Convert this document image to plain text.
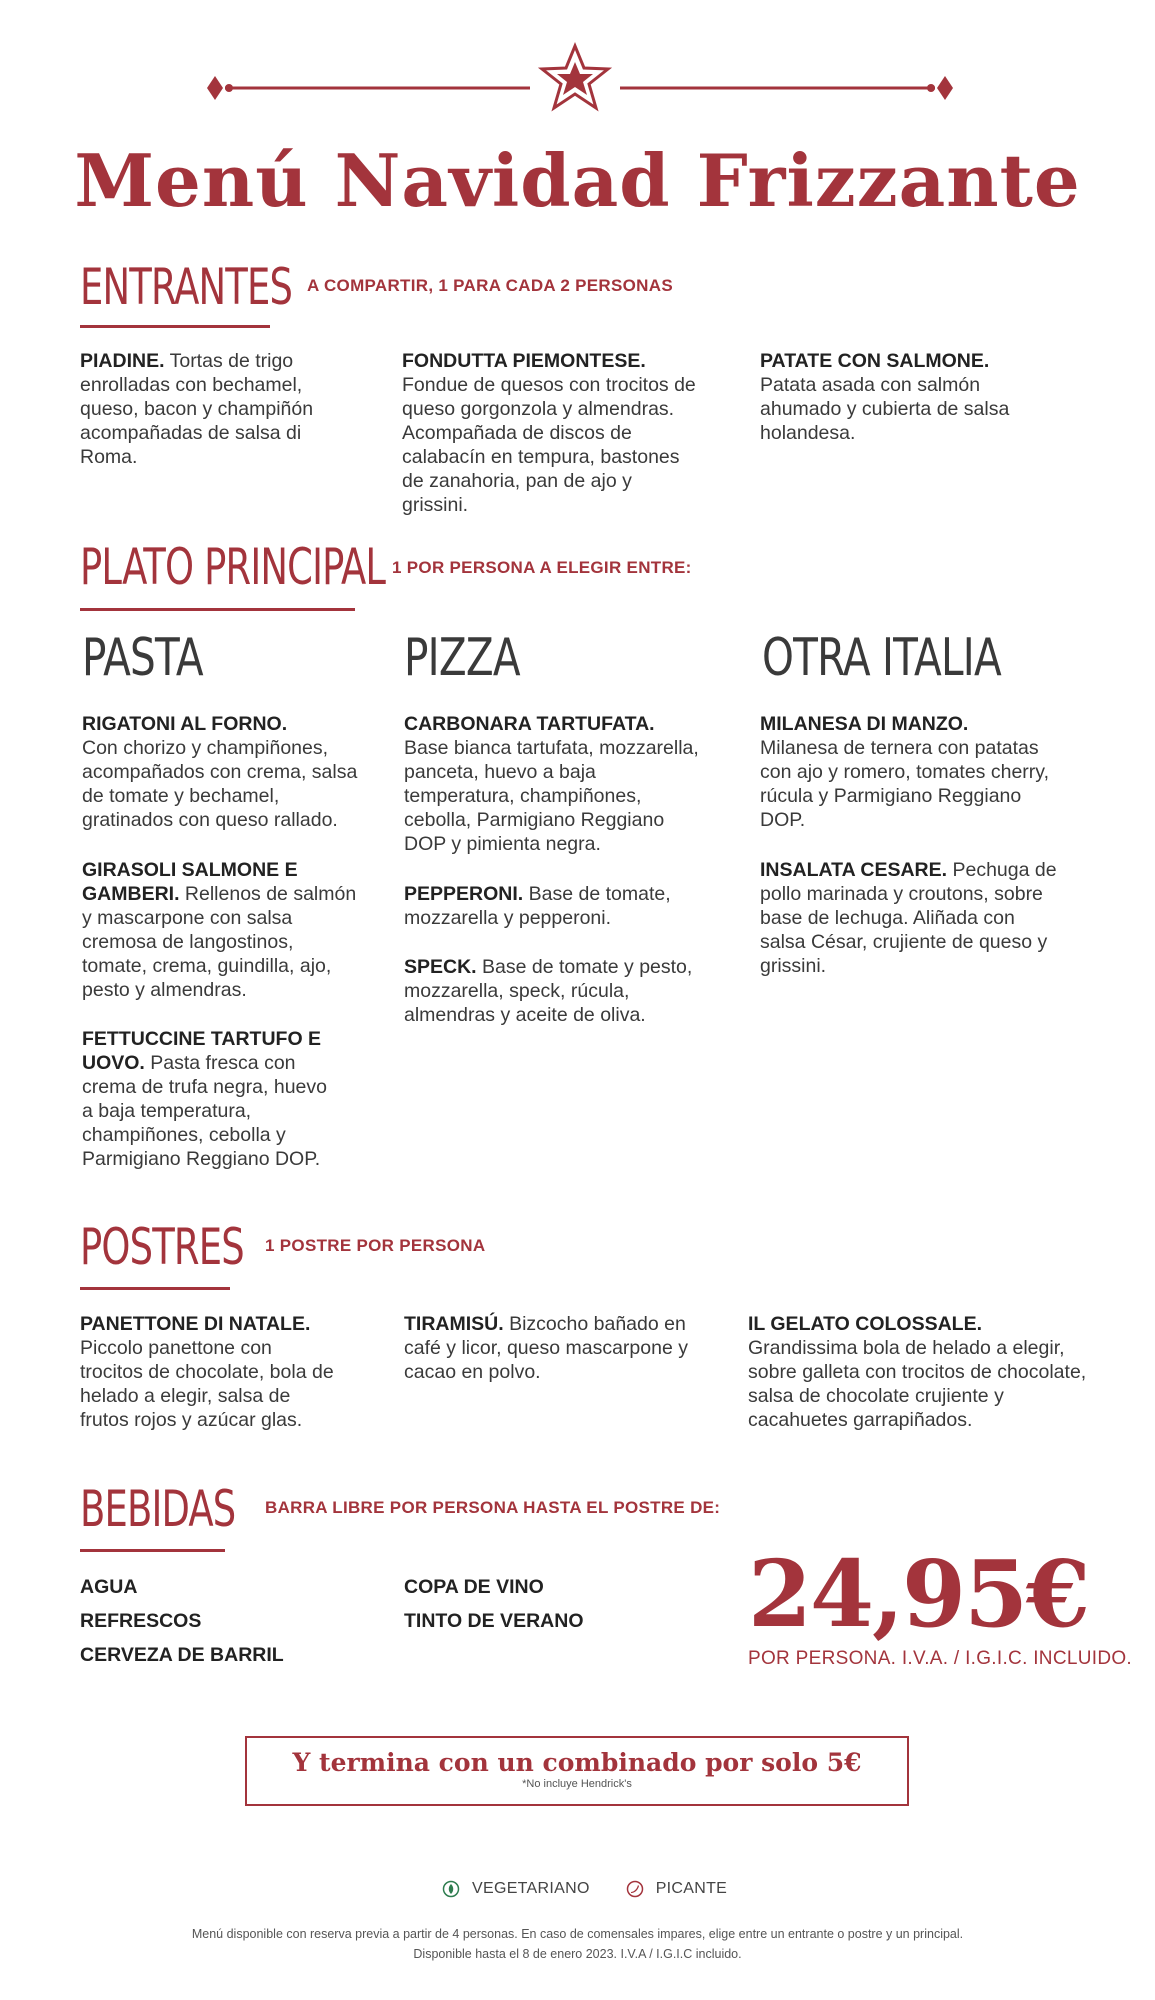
Menú Navidad Frizzante
ENTRANTES A COMPARTIR, 1 PARA CADA 2 PERSONAS
PIADINE. Tortas de trigo enrolladas con bechamel, queso, bacon y champiñón acompañadas de salsa di Roma.
FONDUTTA PIEMONTESE.
Fondue de quesos con trocitos de queso gorgonzola y almendras. Acompañada de discos de calabacín en tempura, bastones de zanahoria, pan de ajo y grissini.
PATATE CON SALMONE.
Patata asada con salmón ahumado y cubierta de salsa holandesa.
PLATO PRINCIPAL 1 POR PERSONA A ELEGIR ENTRE:
PASTA	PIZZA	OTRA ITALIA
RIGATONI AL FORNO.
Con chorizo y champiñones, acompañados con crema, salsa de tomate y bechamel, gratinados con queso rallado.
GIRASOLI SALMONE E GAMBERI. Rellenos de salmón y mascarpone con salsa cremosa de langostinos, tomate, crema, guindilla, ajo, pesto y almendras.
FETTUCCINE TARTUFO E UOVO. Pasta fresca con crema de trufa negra, huevo a baja temperatura, champiñones, cebolla y Parmigiano Reggiano DOP.
CARBONARA TARTUFATA.
Base bianca tartufata, mozzarella, panceta, huevo a baja temperatura, champiñones, cebolla, Parmigiano Reggiano DOP y pimienta negra.
PEPPERONI. Base de tomate, mozzarella y pepperoni.
SPECK. Base de tomate y pesto, mozzarella, speck, rúcula, almendras y aceite de oliva.
MILANESA DI MANZO.
Milanesa de ternera con patatas con ajo y romero, tomates cherry, rúcula y Parmigiano Reggiano DOP.
INSALATA CESARE. Pechuga de pollo marinada y croutons, sobre base de lechuga. Aliñada con salsa César, crujiente de queso y grissini.
POSTRES 1 POSTRE POR PERSONA
PANETTONE DI NATALE.
Piccolo panettone con trocitos de chocolate, bola de helado a elegir, salsa de frutos rojos y azúcar glas.
TIRAMISÚ. Bizcocho bañado en café y licor, queso mascarpone y cacao en polvo.
IL GELATO COLOSSALE.
Grandissima bola de helado a elegir, sobre galleta con trocitos de chocolate, salsa de chocolate crujiente y cacahuetes garrapiñados.
BEBIDAS BARRA LIBRE POR PERSONA HASTA EL POSTRE DE:
AGUA
REFRESCOS
CERVEZA DE BARRIL
COPA DE VINO
TINTO DE VERANO 24,95€
POR PERSONA. I.V.A. / I.G.I.C. INCLUIDO.
Y termina con un combinado por solo 5€
*No incluye Hendrick's
VEGETARIANO	PICANTE
Menú disponible con reserva previa a partir de 4 personas. En caso de comensales impares, elige entre un entrante o postre y un principal.
Disponible hasta el 8 de enero 2023. I.V.A / I.G.I.C incluido.
